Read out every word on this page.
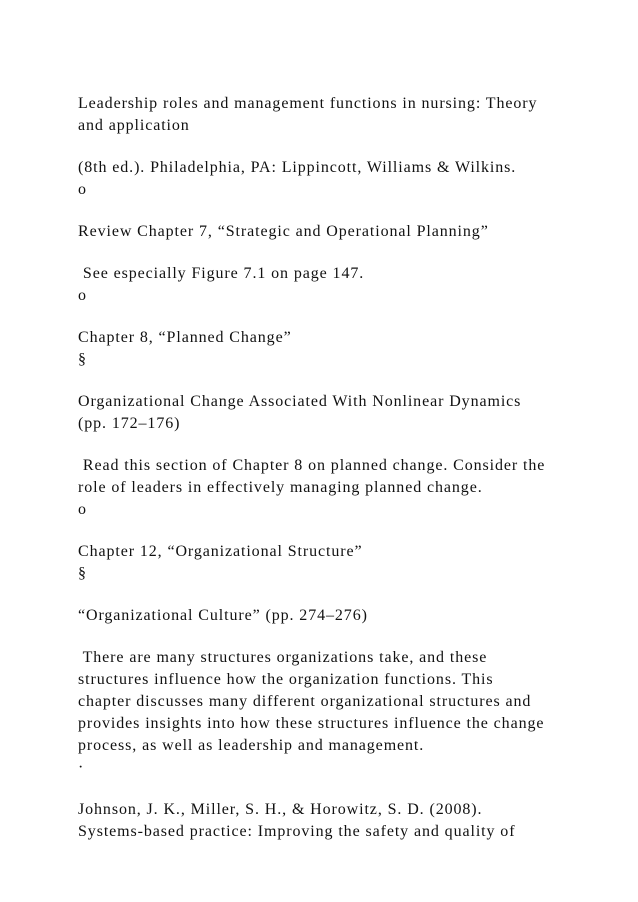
Leadership roles and management functions in nursing: Theory
and application
(8th ed.). Philadelphia, PA: Lippincott, Williams & Wilkins.
o
Review Chapter 7, “Strategic and Operational Planning”
See especially Figure 7.1 on page 147.
o
Chapter 8, “Planned Change”
§
Organizational Change Associated With Nonlinear Dynamics
(pp. 172–176)
Read this section of Chapter 8 on planned change. Consider the
role of leaders in effectively managing planned change.
o
Chapter 12, “Organizational Structure”
§
“Organizational Culture” (pp. 274–276)
There are many structures organizations take, and these
structures influence how the organization functions. This
chapter discusses many different organizational structures and
provides insights into how these structures influence the change
process, as well as leadership and management.
·
Johnson, J. K., Miller, S. H., & Horowitz, S. D. (2008).
Systems-based practice: Improving the safety and quality of
